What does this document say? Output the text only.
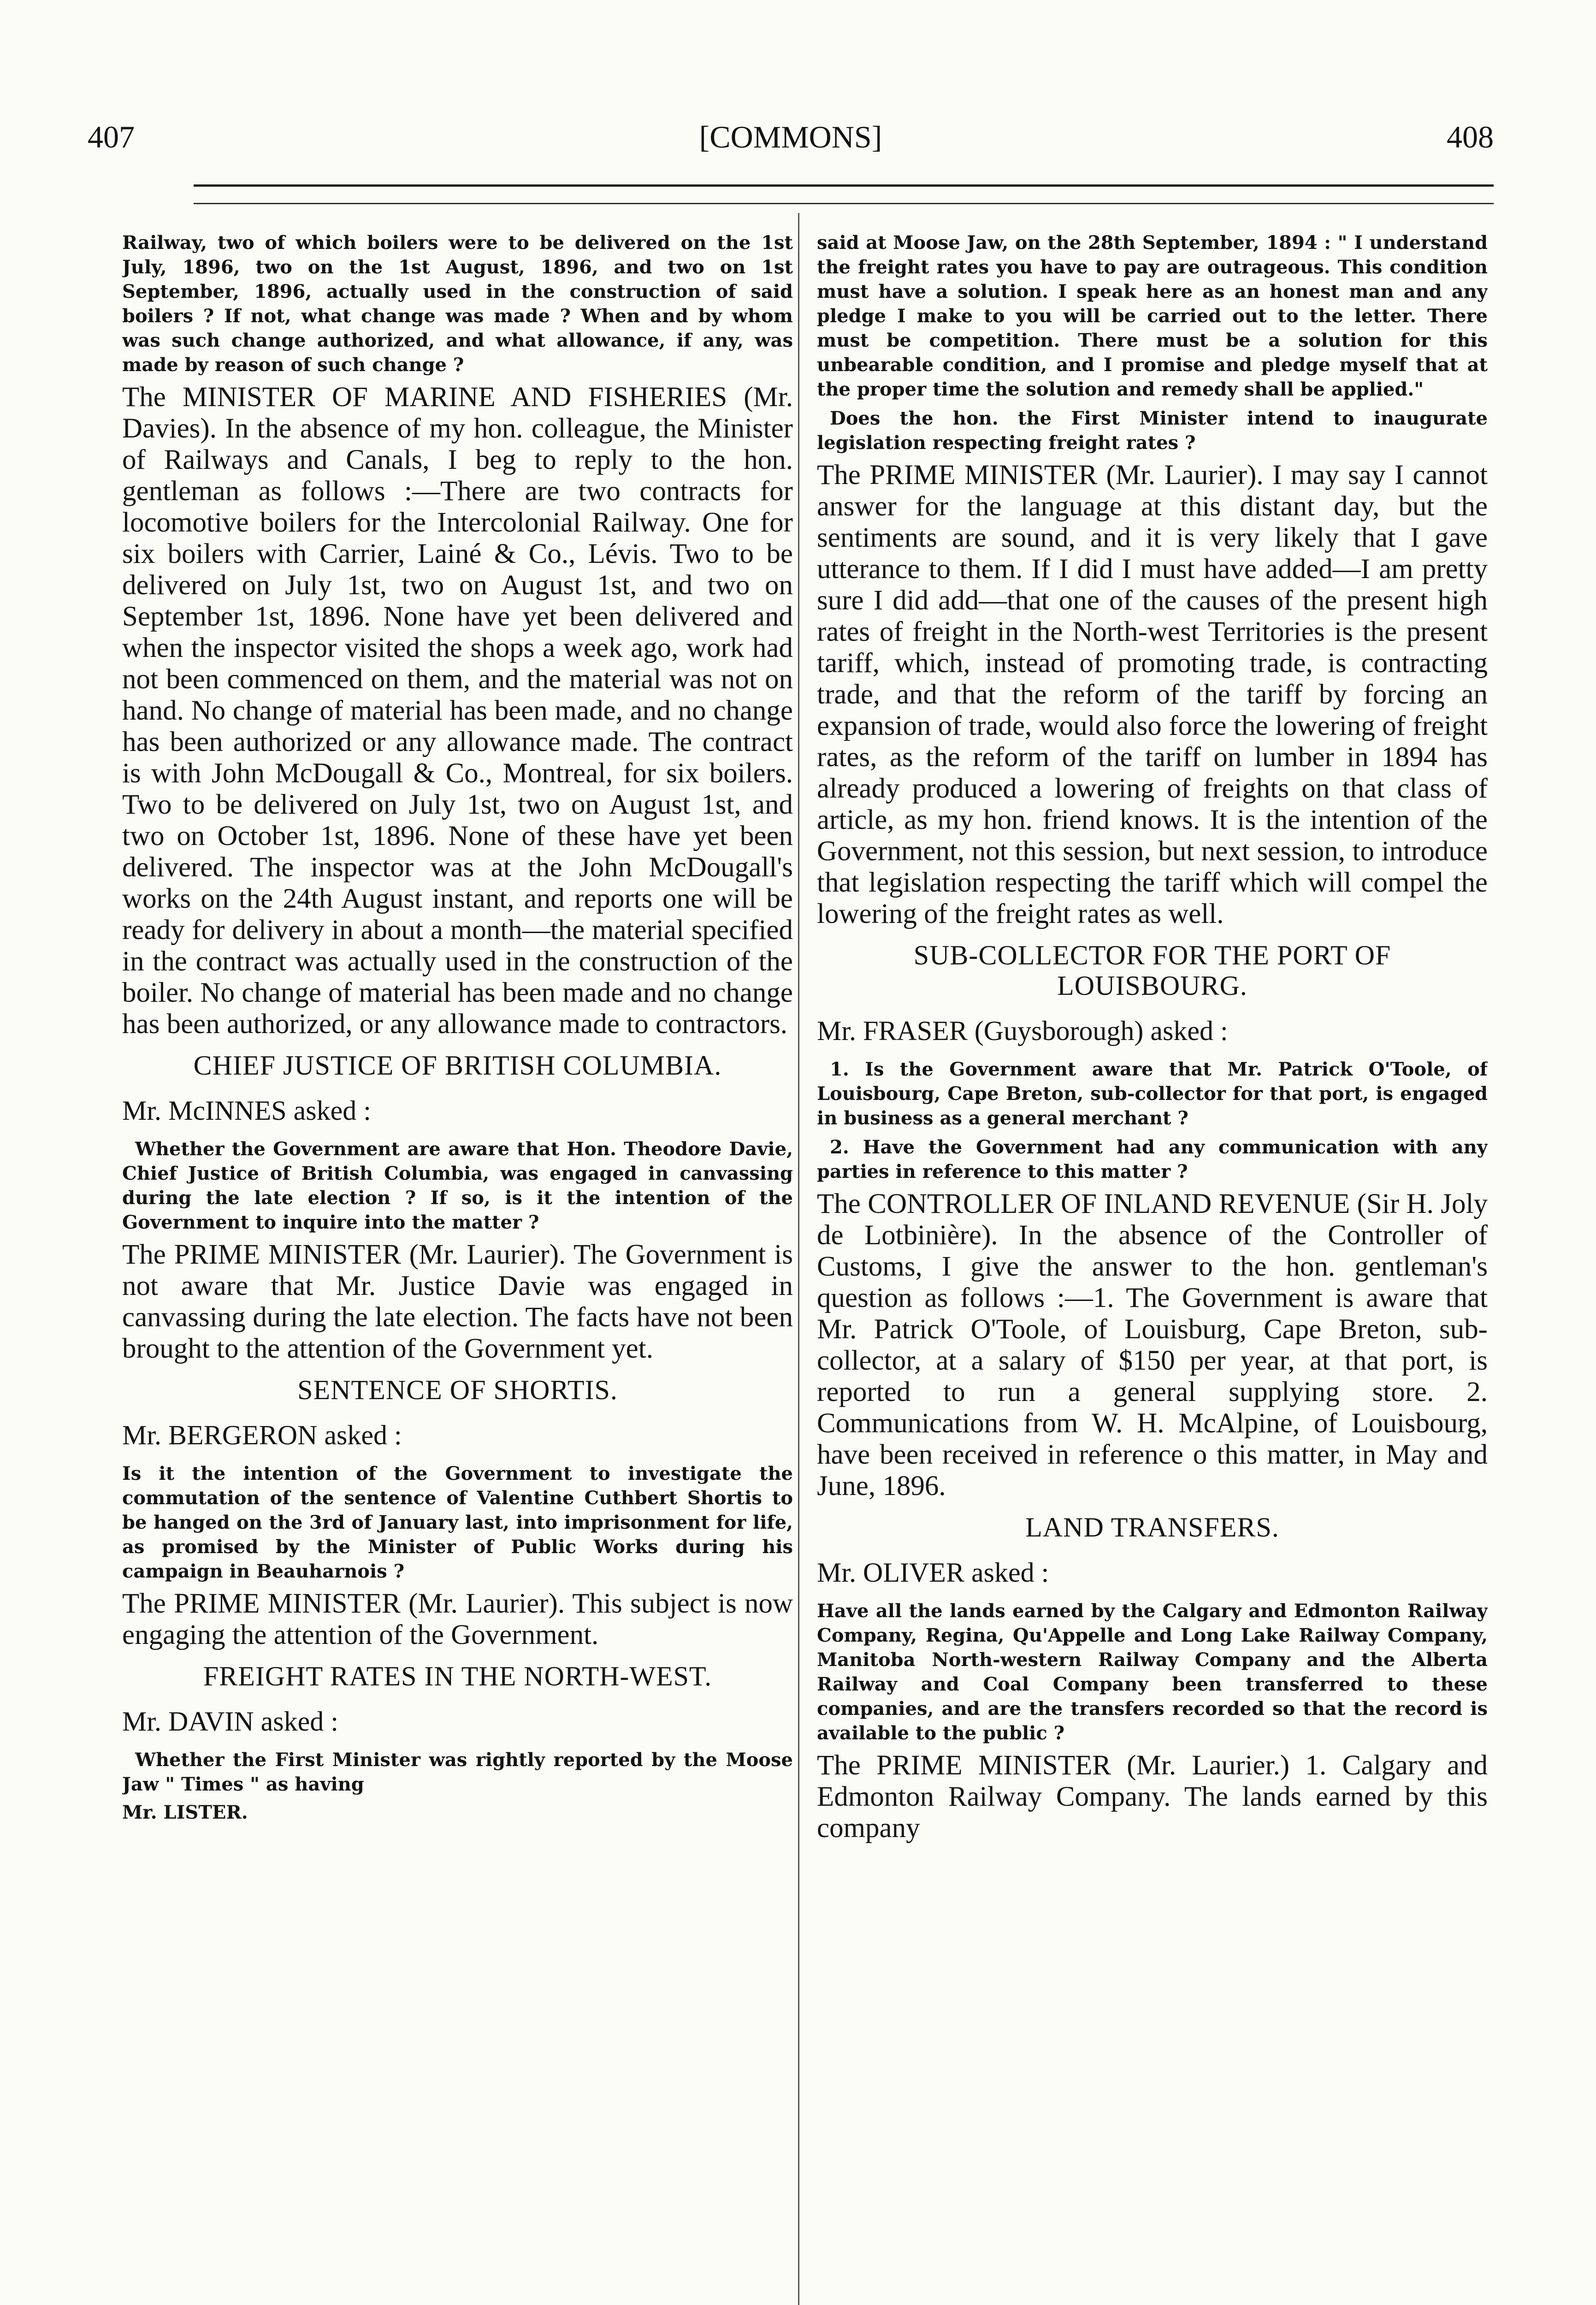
407	[COMMONS]	408

Railway, two of which boilers were to be delivered on the 1st July, 1896, two on the 1st August, 1896, and two on 1st September, 1896, actually used in the construction of said boilers ? If not, what change was made ? When and by whom was such change authorized, and what allowance, if any, was made by reason of such change ?

The MINISTER OF MARINE AND FISHERIES (Mr. Davies). In the absence of my hon. colleague, the Minister of Railways and Canals, I beg to reply to the hon. gentleman as follows :—There are two contracts for locomotive boilers for the Intercolonial Railway. One for six boilers with Carrier, Lainé & Co., Lévis. Two to be delivered on July 1st, two on August 1st, and two on September 1st, 1896. None have yet been delivered and when the inspector visited the shops a week ago, work had not been commenced on them, and the material was not on hand. No change of material has been made, and no change has been authorized or any allowance made. The contract is with John McDougall & Co., Montreal, for six boilers. Two to be delivered on July 1st, two on August 1st, and two on October 1st, 1896. None of these have yet been delivered. The inspector was at the John McDougall's works on the 24th August instant, and reports one will be ready for delivery in about a month—the material specified in the contract was actually used in the construction of the boiler. No change of material has been made and no change has been authorized, or any allowance made to contractors.

CHIEF JUSTICE OF BRITISH COLUMBIA.
Mr. McINNES asked :

Whether the Government are aware that Hon. Theodore Davie, Chief Justice of British Columbia, was engaged in canvassing during the late election ? If so, is it the intention of the Government to inquire into the matter ?

The PRIME MINISTER (Mr. Laurier). The Government is not aware that Mr. Justice Davie was engaged in canvassing during the late election. The facts have not been brought to the attention of the Government yet.

SENTENCE OF SHORTIS.
Mr. BERGERON asked :

Is it the intention of the Government to investigate the commutation of the sentence of Valentine Cuthbert Shortis to be hanged on the 3rd of January last, into imprisonment for life, as promised by the Minister of Public Works during his campaign in Beauharnois ?

The PRIME MINISTER (Mr. Laurier). This subject is now engaging the attention of the Government.

FREIGHT RATES IN THE NORTH-WEST.
Mr. DAVIN asked :

Whether the First Minister was rightly reported by the Moose Jaw " Times " as having

Mr. LISTER.

said at Moose Jaw, on the 28th September, 1894 : " I understand the freight rates you have to pay are outrageous. This condition must have a solution. I speak here as an honest man and any pledge I make to you will be carried out to the letter. There must be competition. There must be a solution for this unbearable condition, and I promise and pledge myself that at the proper time the solution and remedy shall be applied."

Does the hon. the First Minister intend to inaugurate legislation respecting freight rates ?

The PRIME MINISTER (Mr. Laurier). I may say I cannot answer for the language at this distant day, but the sentiments are sound, and it is very likely that I gave utterance to them. If I did I must have added—I am pretty sure I did add—that one of the causes of the present high rates of freight in the North-west Territories is the present tariff, which, instead of promoting trade, is contracting trade, and that the reform of the tariff by forcing an expansion of trade, would also force the lowering of freight rates, as the reform of the tariff on lumber in 1894 has already produced a lowering of freights on that class of article, as my hon. friend knows. It is the intention of the Government, not this session, but next session, to introduce that legislation respecting the tariff which will compel the lowering of the freight rates as well.

SUB-COLLECTOR FOR THE PORT OF LOUISBOURG.
Mr. FRASER (Guysborough) asked :

1. Is the Government aware that Mr. Patrick O'Toole, of Louisbourg, Cape Breton, sub-collector for that port, is engaged in business as a general merchant ?

2. Have the Government had any communication with any parties in reference to this matter ?

The CONTROLLER OF INLAND REVENUE (Sir H. Joly de Lotbinière). In the absence of the Controller of Customs, I give the answer to the hon. gentleman's question as follows :—1. The Government is aware that Mr. Patrick O'Toole, of Louisburg, Cape Breton, sub-collector, at a salary of $150 per year, at that port, is reported to run a general supplying store. 2. Communications from W. H. McAlpine, of Louisbourg, have been received in reference o this matter, in May and June, 1896.

LAND TRANSFERS.
Mr. OLIVER asked :

Have all the lands earned by the Calgary and Edmonton Railway Company, Regina, Qu'Appelle and Long Lake Railway Company, Manitoba North-western Railway Company and the Alberta Railway and Coal Company been transferred to these companies, and are the transfers recorded so that the record is available to the public ?

The PRIME MINISTER (Mr. Laurier.) 1. Calgary and Edmonton Railway Company. The lands earned by this company
